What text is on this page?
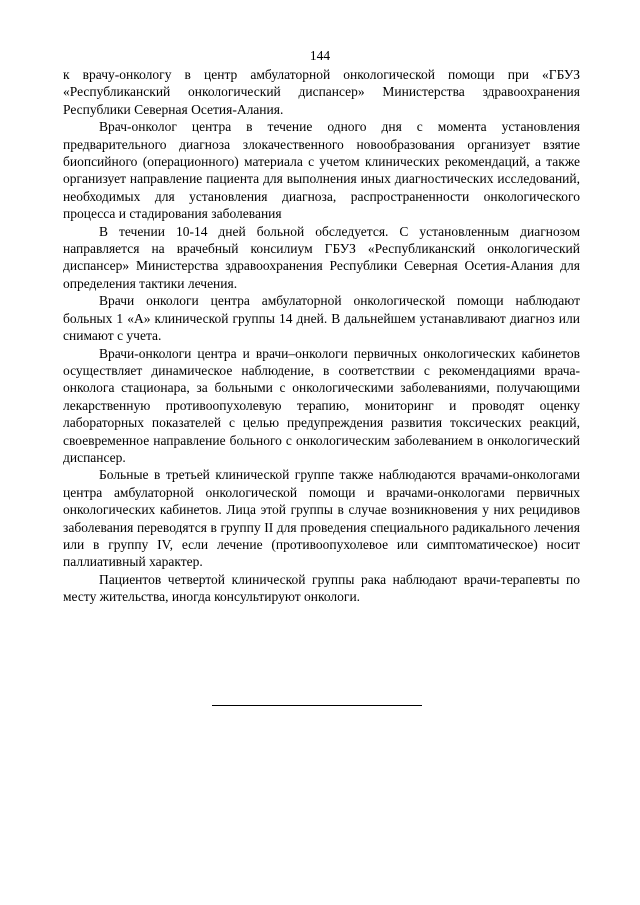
144

к врачу-онкологу в центр амбулаторной онкологической помощи при «ГБУЗ «Республиканский онкологический диспансер» Министерства здравоохранения Республики Северная Осетия-Алания.

Врач-онколог центра в течение одного дня с момента установления предварительного диагноза злокачественного новообразования организует взятие биопсийного (операционного) материала с учетом клинических рекомендаций, а также организует направление пациента для выполнения иных диагностических исследований, необходимых для установления диагноза, распространенности онкологического процесса и стадирования заболевания

В течении 10-14 дней больной обследуется. С установленным диагнозом направляется на врачебный консилиум ГБУЗ «Республиканский онкологический диспансер» Министерства здравоохранения Республики Северная Осетия-Алания для определения тактики лечения.

Врачи онкологи центра амбулаторной онкологической помощи наблюдают больных 1 «А» клинической группы 14 дней. В дальнейшем устанавливают диагноз или снимают с учета.

Врачи-онкологи центра и врачи–онкологи первичных онкологических кабинетов осуществляет динамическое наблюдение, в соответствии с рекомендациями врача-онколога стационара, за больными с онкологическими заболеваниями, получающими лекарственную противоопухолевую терапию, мониторинг и проводят оценку лабораторных показателей с целью предупреждения развития токсических реакций, своевременное направление больного с онкологическим заболеванием в онкологический диспансер.

Больные в третьей клинической группе также наблюдаются врачами-онкологами центра амбулаторной онкологической помощи и врачами-онкологами первичных онкологических кабинетов. Лица этой группы в случае возникновения у них рецидивов заболевания переводятся в группу II для проведения специального радикального лечения или в группу IV, если лечение (противоопухолевое или симптоматическое) носит паллиативный характер.

Пациентов четвертой клинической группы рака наблюдают врачи-терапевты по месту жительства, иногда консультируют онкологи.
